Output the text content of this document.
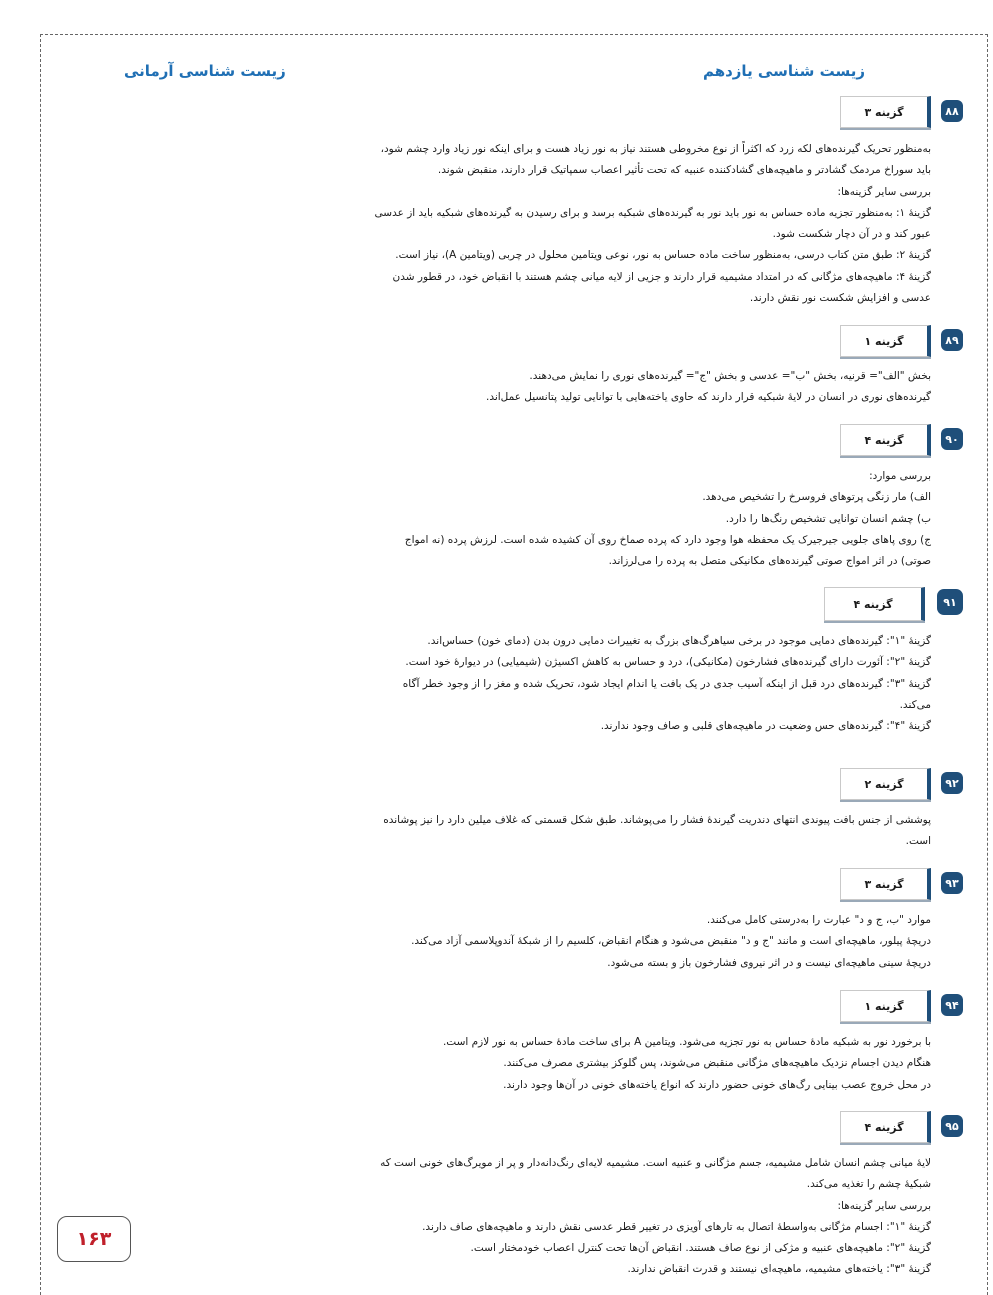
زیست شناسی یازدهم
زیست شناسی آرمانی
۸۸
گزینه ۳

به‌منظور تحریک گیرنده‌های لکه زرد که اکثراً از نوع مخروطی هستند نیاز به نور زیاد هست و برای اینکه نور زیاد وارد چشم شود،

باید سوراخ مردمک گشادتر و ماهیچه‌های گشادکننده عنبیه که تحت تأثیر اعصاب سمپاتیک قرار دارند، منقبض شوند.

بررسی سایر گزینه‌ها:

گزینهٔ ۱: به‌منظور تجزیه ماده حساس به نور باید نور به گیرنده‌های شبکیه برسد و برای رسیدن به گیرنده‌های شبکیه باید از عدسی

عبور کند و در آن دچار شکست شود.

گزینهٔ ۲: طبق متن کتاب درسی، به‌منظور ساخت ماده حساس به نور، نوعی ویتامین محلول در چربی (ویتامین A)، نیاز است.

گزینهٔ ۴: ماهیچه‌های مژگانی که در امتداد مشیمیه قرار دارند و جزیی از لایه میانی چشم هستند با انقباض خود، در قطور شدن

عدسی و افزایش شکست نور نقش دارند.

۸۹
گزینه ۱

بخش "الف"= قرنیه، بخش "ب"= عدسی و بخش "ج"= گیرنده‌های نوری را نمایش می‌دهند.

گیرنده‌های نوری در انسان در لایهٔ شبکیه قرار دارند که حاوی یاخته‌هایی با توانایی تولید پتانسیل عمل‌اند.

۹۰
گزینه ۴

بررسی موارد:

الف) مار زنگی پرتوهای فروسرخ را تشخیص می‌دهد.

ب) چشم انسان توانایی تشخیص رنگ‌ها را دارد.

ج) روی پاهای جلویی جیرجیرک یک محفظه هوا وجود دارد که پرده صماخ روی آن کشیده شده است. لرزش پرده (نه امواج

صوتی) در اثر امواج صوتی گیرنده‌های مکانیکی متصل به پرده را می‌لرزاند.

۹۱
گزینه ۴

گزینهٔ "۱": گیرنده‌های دمایی موجود در برخی سیاهرگ‌های بزرگ به تغییرات دمایی درون بدن (دمای خون) حساس‌اند.

گزینهٔ "۲": آئورت دارای گیرنده‌های فشارخون (مکانیکی)، درد و حساس به کاهش اکسیژن (شیمیایی) در دیوارهٔ خود است.

گزینهٔ "۳": گیرنده‌های درد قبل از اینکه آسیب جدی در یک بافت یا اندام ایجاد شود، تحریک شده و مغز را از وجود خطر آگاه

می‌کند.

گزینهٔ "۴": گیرنده‌های حس وضعیت در ماهیچه‌های قلبی و صاف وجود ندارند.

۹۲
گزینه ۲

پوششی از جنس بافت پیوندی انتهای دندریت گیرندهٔ فشار را می‌پوشاند. طبق شکل قسمتی که غلاف میلین دارد را نیز پوشانده

است.

۹۳
گزینه ۳

موارد "ب، ج و د" عبارت را به‌درستی کامل می‌کنند.

دریچهٔ پیلور، ماهیچه‌ای است و مانند "ج و د" منقبض می‌شود و هنگام انقباض، کلسیم را از شبکهٔ آندوپلاسمی آزاد می‌کند.

دریچهٔ سینی ماهیچه‌ای نیست و در اثر نیروی فشارخون باز و بسته می‌شود.

۹۴
گزینه ۱

با برخورد نور به شبکیه مادهٔ حساس به نور تجزیه می‌شود. ویتامین A برای ساخت مادهٔ حساس به نور لازم است.

هنگام دیدن اجسام نزدیک ماهیچه‌های مژگانی منقبض می‌شوند، پس گلوکز بیشتری مصرف می‌کنند.

در محل خروج عصب بینایی رگ‌های خونی حضور دارند که انواع یاخته‌های خونی در آن‌ها وجود دارند.

۹۵
گزینه ۴

لایهٔ میانی چشم انسان شامل مشیمیه، جسم مژگانی و عنبیه است. مشیمیه لایه‌ای رنگ‌دانه‌دار و پر از مویرگ‌های خونی است که

شبکیهٔ چشم را تغذیه می‌کند.

بررسی سایر گزینه‌ها:

گزینهٔ "۱": اجسام مژگانی به‌واسطهٔ اتصال به تارهای آویزی در تغییر قطر عدسی نقش دارند و ماهیچه‌های صاف دارند.

گزینهٔ "۲": ماهیچه‌های عنبیه و مژکی از نوع صاف هستند. انقباض آن‌ها تحت کنترل اعصاب خودمختار است.

گزینهٔ "۳": یاخته‌های مشیمیه، ماهیچه‌ای نیستند و قدرت انقباض ندارند.

۱۶۳
